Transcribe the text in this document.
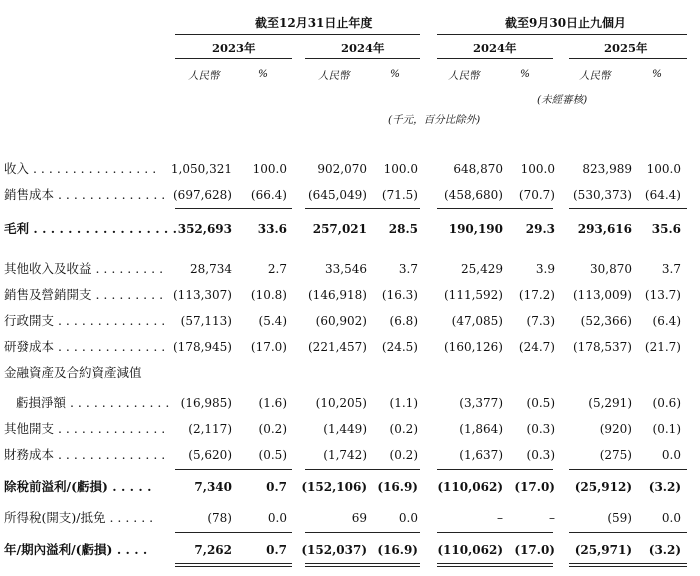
截至12月31日止年度	截至9月30日止九個月
2023年	2024年	2024年	2025年
人民幣	%	人民幣	%	人民幣	%	人民幣	%
(未經審核)
(千元，百分比除外)
收入 . . . . . . . . . . . . . . . .	1,050,321	100.0	902,070	100.0	648,870	100.0	823,989	100.0
銷售成本 . . . . . . . . . . . . . . (697,628)	(66.4)	(645,049)	(71.5)	(458,680)	(70.7)	(530,373)	(64.4)
毛利 . . . . . . . . . . . . . . . . . 352,693	33.6	257,021	28.5	190,190	29.3	293,616	35.6
其他收入及收益 . . . . . . . . .	28,734	2.7	33,546	3.7	25,429	3.9	30,870	3.7
銷售及營銷開支 . . . . . . . . . (113,307)	(10.8)	(146,918)	(16.3)	(111,592)	(17.2)	(113,009)	(13.7)
行政開支 . . . . . . . . . . . . . .	(57,113)	(5.4)	(60,902)	(6.8)	(47,085)	(7.3)	(52,366)	(6.4)
研發成本 . . . . . . . . . . . . . . (178,945)	(17.0)	(221,457)	(24.5)	(160,126)	(24.7)	(178,537)	(21.7)
金融資產及合約資產減值
虧損淨額 . . . . . . . . . . . . . (16,985)	(1.6)	(10,205)	(1.1)	(3,377)	(0.5)	(5,291)	(0.6)
其他開支 . . . . . . . . . . . . . .	(2,117)	(0.2)	(1,449)	(0.2)	(1,864)	(0.3)	(920)	(0.1)
財務成本 . . . . . . . . . . . . . .	(5,620)	(0.5)	(1,742)	(0.2)	(1,637)	(0.3)	(275)	0.0
除稅前溢利/(虧損) . . . . .	7,340	0.7	(152,106) (16.9)	(110,062) (17.0)	(25,912)	(3.2)
所得稅(開支)/抵免 . . . . . .	(78)	0.0	69	0.0	–	–	(59)	0.0
年/期內溢利/(虧損) . . . .	7,262	0.7	(152,037) (16.9)	(110,062) (17.0)	(25,971)	(3.2)
